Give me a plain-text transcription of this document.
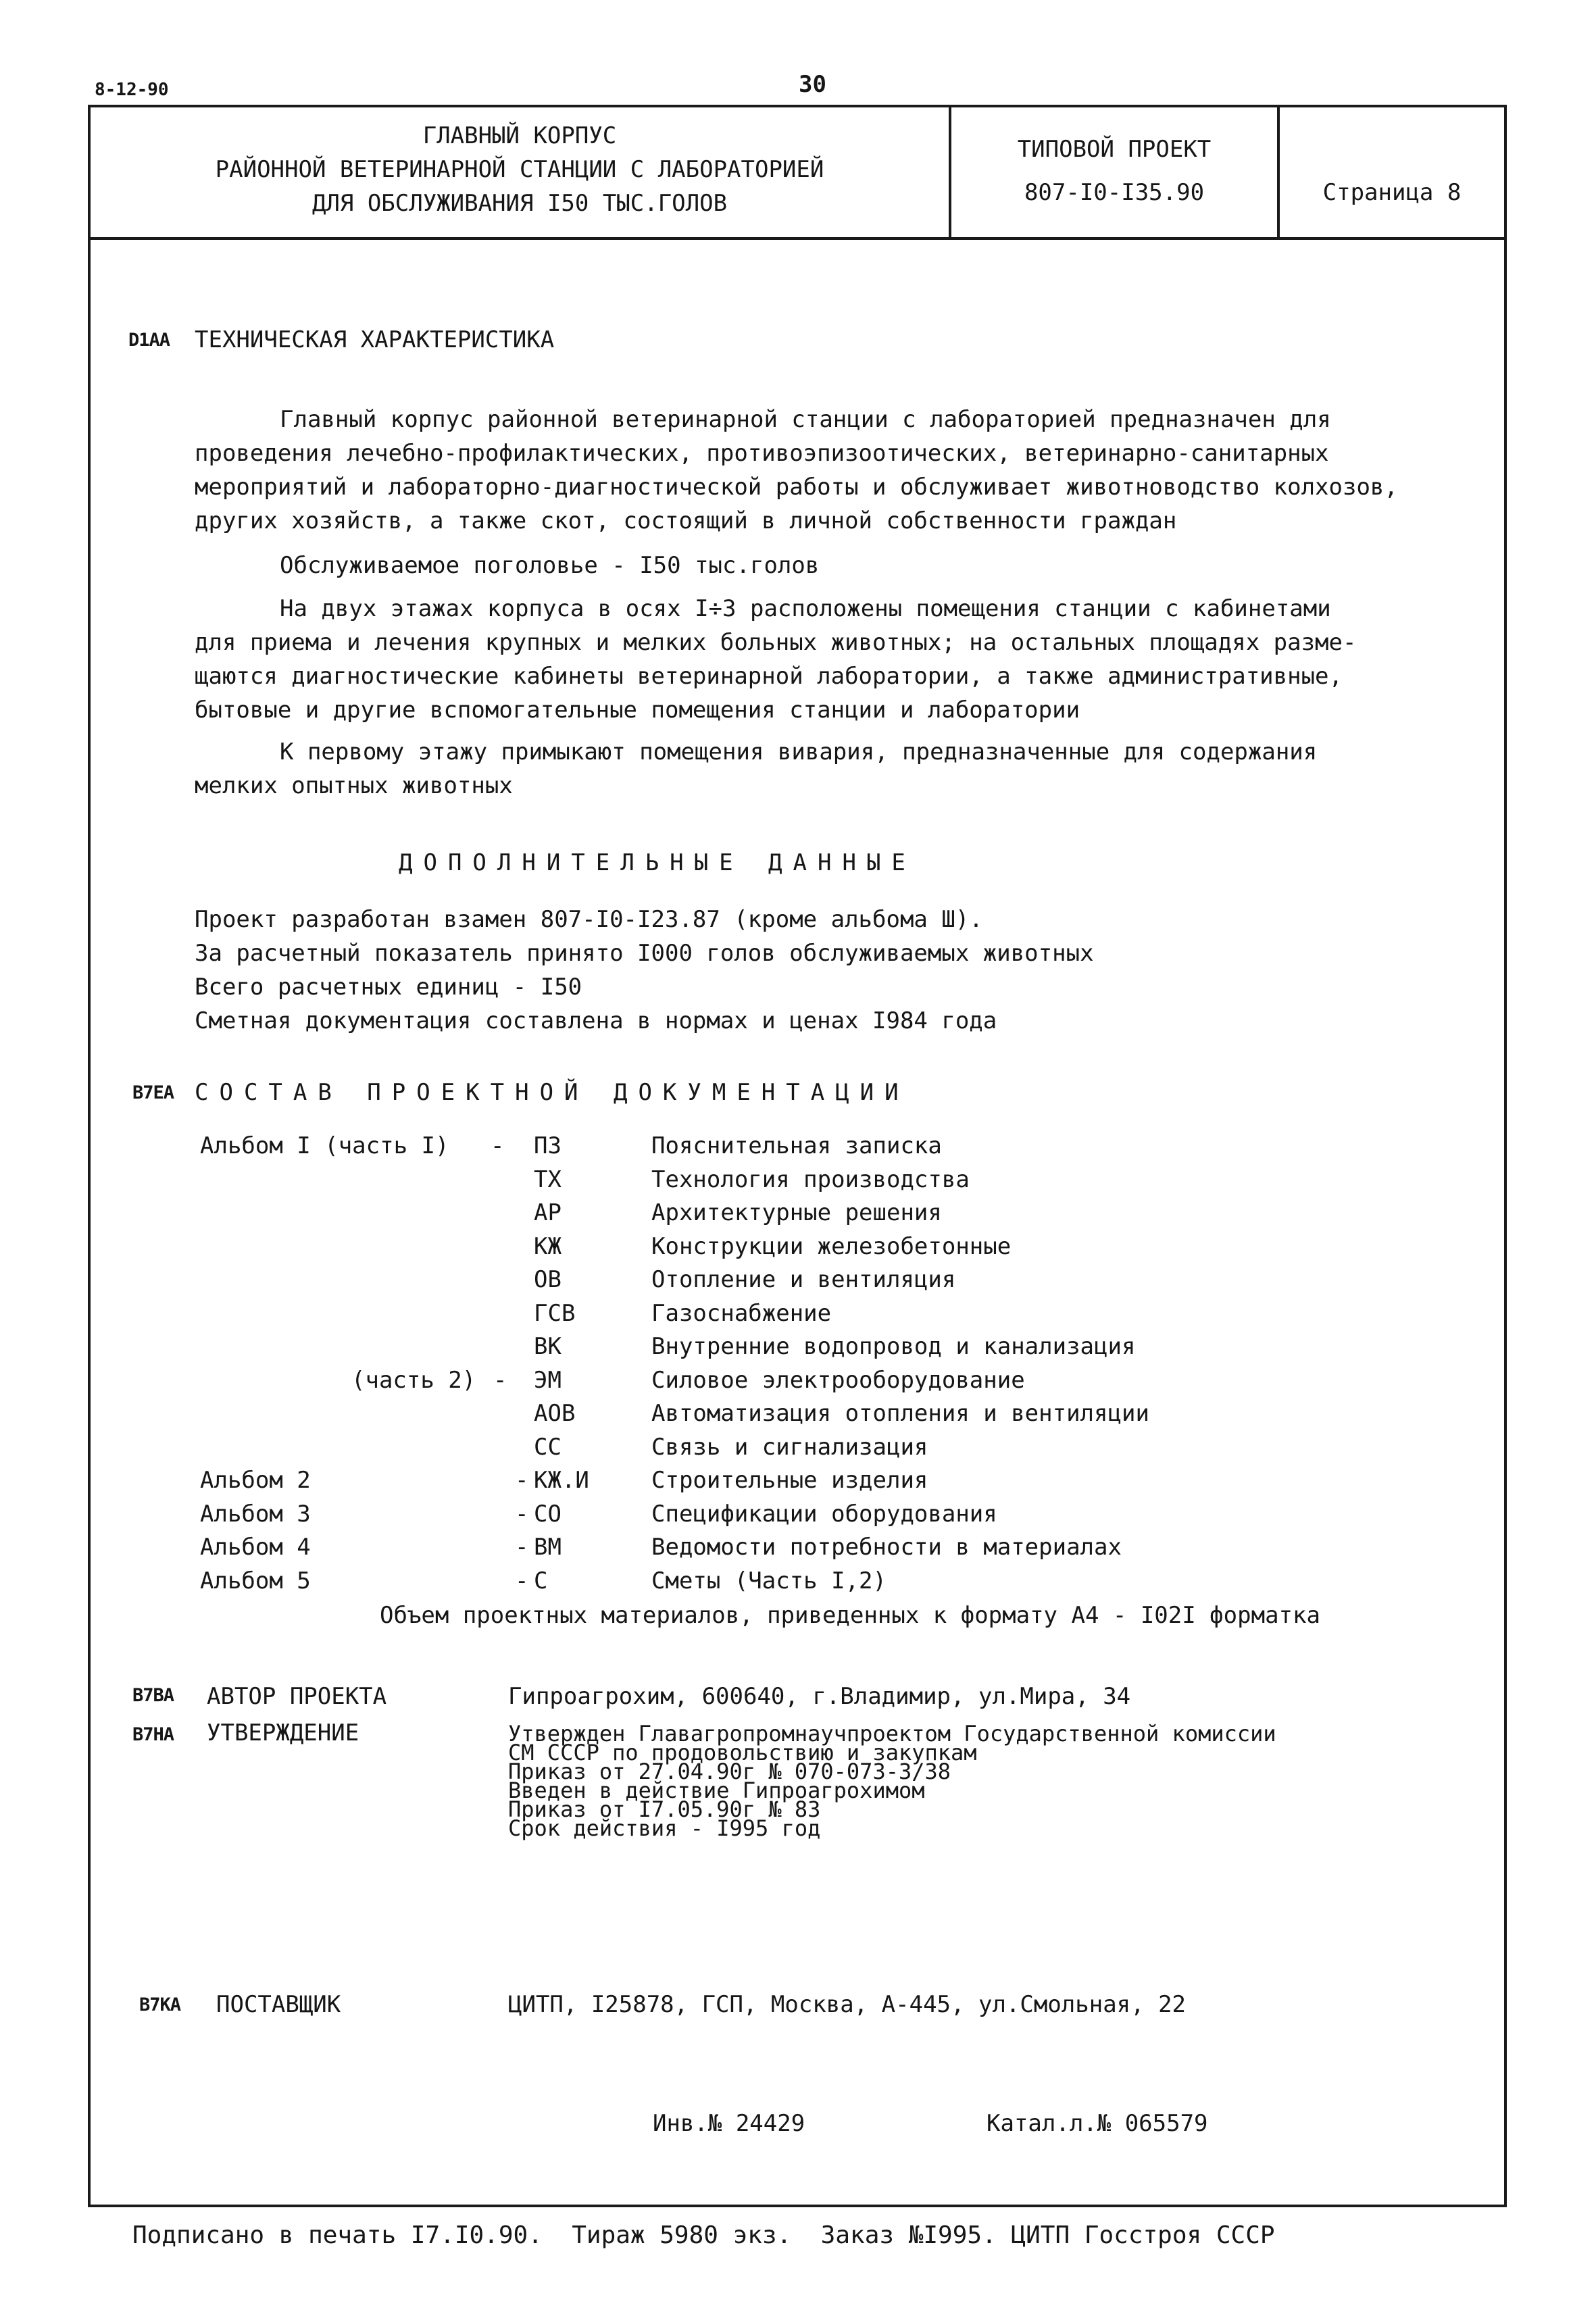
8-12-90	30
ГЛАВНЫЙ КОРПУС
РАЙОННОЙ ВЕТЕРИНАРНОЙ СТАНЦИИ С ЛАБОРАТОРИЕЙ
ДЛЯ ОБСЛУЖИВАНИЯ I50 ТЫС.ГОЛОВ
ТИПОВОЙ ПРОЕКТ
807-I0-I35.90	Страница 8
D1АА ТЕХНИЧЕСКАЯ ХАРАКТЕРИСТИКА
Главный корпус районной ветеринарной станции с лабораторией предназначен для
проведения лечебно-профилактических, противоэпизоотических, ветеринарно-санитарных
мероприятий и лабораторно-диагностической работы и обслуживает животноводство колхозов,
других хозяйств, а также скот, состоящий в личной собственности граждан
Обслуживаемое поголовье - I50 тыс.голов
На двух этажах корпуса в осях I÷3 расположены помещения станции с кабинетами
для приема и лечения крупных и мелких больных животных; на остальных площадях разме-
щаются диагностические кабинеты ветеринарной лаборатории, а также административные,
бытовые и другие вспомогательные помещения станции и лаборатории
К первому этажу примыкают помещения вивария, предназначенные для содержания
мелких опытных животных
ДОПОЛНИТЕЛЬНЫЕ ДАННЫЕ
Проект разработан взамен 807-I0-I23.87 (кроме альбома Ш).
За расчетный показатель принято I000 голов обслуживаемых животных
Всего расчетных единиц - I50
Сметная документация составлена в нормах и ценах I984 года
В7ЕА СОСТАВ ПРОЕКТНОЙ ДОКУМЕНТАЦИИ
Альбом I (часть I) - ПЗ	Пояснительная записка
ТХ	Технология производства
АР	Архитектурные решения
КЖ	Конструкции железобетонные
ОВ	Отопление и вентиляция
ГСВ	Газоснабжение
ВК	Внутренние водопровод и канализация
(часть 2) - ЭМ	Силовое электрооборудование
АОВ	Автоматизация отопления и вентиляции
СС	Связь и сигнализация
Альбом 2	- КЖ.И	Строительные изделия
Альбом 3	- СО	Спецификации оборудования
Альбом 4	- ВМ	Ведомости потребности в материалах
Альбом 5	- С	Сметы (Часть I,2)
Объем проектных материалов, приведенных к формату А4 - I02I форматка
В7ВА АВТОР ПРОЕКТА	Гипроагрохим, 600640, г.Владимир, ул.Мира, 34
В7НА УТВЕРЖДЕНИЕ	Утвержден Главагропромнаучпроектом Государственной комиссии
СМ СССР по продовольствию и закупкам
Приказ от 27.04.90г № 070-073-3/38
Введен в действие Гипроагрохимом
Приказ от I7.05.90г № 83
Срок действия - I995 год
В7КА ПОСТАВЩИК	ЦИТП, I25878, ГСП, Москва, А-445, ул.Смольная, 22
Инв.№ 24429	Катал.л.№ 065579
Подписано в печать I7.I0.90.  Тираж 5980 экз.  Заказ №I995. ЦИТП Госстроя СССР
